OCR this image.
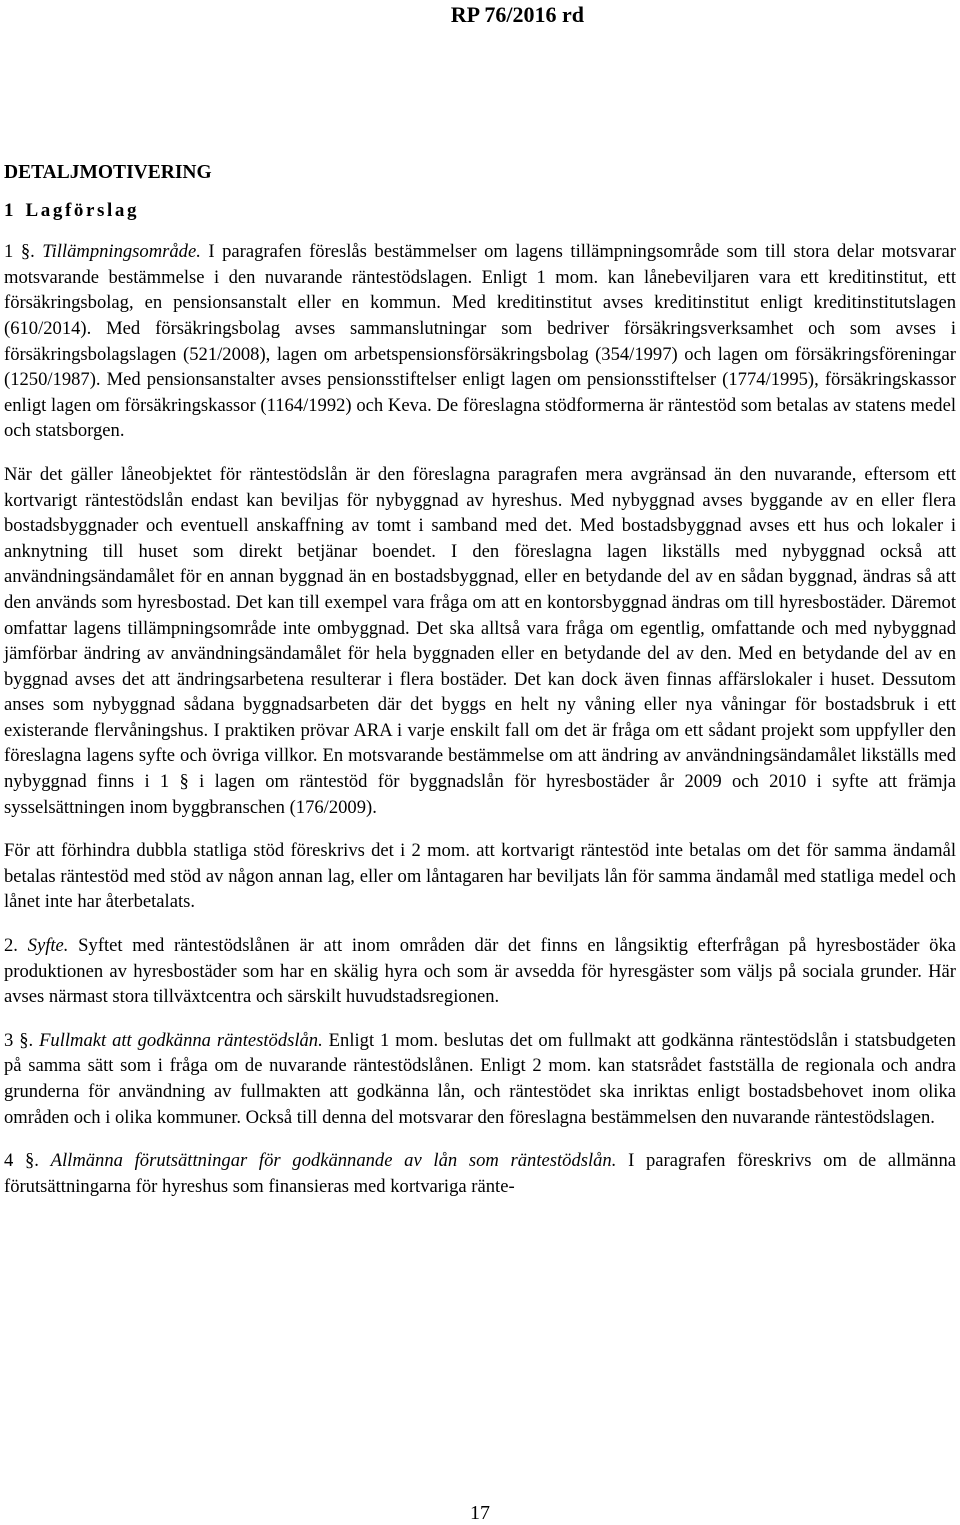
RP 76/2016 rd
DETALJMOTIVERING
1 Lagförslag

1 §. Tillämpningsområde. I paragrafen föreslås bestämmelser om lagens tillämpningsområde som till stora delar motsvarar motsvarande bestämmelse i den nuvarande räntestödslagen. Enligt 1 mom. kan lånebeviljaren vara ett kreditinstitut, ett försäkringsbolag, en pensionsanstalt eller en kommun. Med kreditinstitut avses kreditinstitut enligt kreditinstitutslagen (610/2014). Med försäkringsbolag avses sammanslutningar som bedriver försäkringsverksamhet och som avses i försäkringsbolagslagen (521/2008), lagen om arbetspensionsförsäkringsbolag (354/1997) och lagen om försäkringsföreningar (1250/1987). Med pensionsanstalter avses pensionsstiftelser enligt lagen om pensionsstiftelser (1774/1995), försäkringskassor enligt lagen om försäkringskassor (1164/1992) och Keva. De föreslagna stödformerna är räntestöd som betalas av statens medel och statsborgen.

När det gäller låneobjektet för räntestödslån är den föreslagna paragrafen mera avgränsad än den nuvarande, eftersom ett kortvarigt räntestödslån endast kan beviljas för nybyggnad av hyreshus. Med nybyggnad avses byggande av en eller flera bostadsbyggnader och eventuell anskaffning av tomt i samband med det. Med bostadsbyggnad avses ett hus och lokaler i anknytning till huset som direkt betjänar boendet. I den föreslagna lagen likställs med nybyggnad också att användningsändamålet för en annan byggnad än en bostadsbyggnad, eller en betydande del av en sådan byggnad, ändras så att den används som hyresbostad. Det kan till exempel vara fråga om att en kontorsbyggnad ändras om till hyresbostäder. Däremot omfattar lagens tillämpningsområde inte ombyggnad. Det ska alltså vara fråga om egentlig, omfattande och med nybyggnad jämförbar ändring av användningsändamålet för hela byggnaden eller en betydande del av den. Med en betydande del av en byggnad avses det att ändringsarbetena resulterar i flera bostäder. Det kan dock även finnas affärslokaler i huset. Dessutom anses som nybyggnad sådana byggnadsarbeten där det byggs en helt ny våning eller nya våningar för bostadsbruk i ett existerande flervåningshus. I praktiken prövar ARA i varje enskilt fall om det är fråga om ett sådant projekt som uppfyller den föreslagna lagens syfte och övriga villkor. En motsvarande bestämmelse om att ändring av användningsändamålet likställs med nybyggnad finns i 1 § i lagen om räntestöd för byggnadslån för hyresbostäder år 2009 och 2010 i syfte att främja sysselsättningen inom byggbranschen (176/2009).

För att förhindra dubbla statliga stöd föreskrivs det i 2 mom. att kortvarigt räntestöd inte betalas om det för samma ändamål betalas räntestöd med stöd av någon annan lag, eller om låntagaren har beviljats lån för samma ändamål med statliga medel och lånet inte har återbetalats.

2. Syfte. Syftet med räntestödslånen är att inom områden där det finns en långsiktig efterfrågan på hyresbostäder öka produktionen av hyresbostäder som har en skälig hyra och som är avsedda för hyresgäster som väljs på sociala grunder. Här avses närmast stora tillväxtcentra och särskilt huvudstadsregionen.

3 §. Fullmakt att godkänna räntestödslån. Enligt 1 mom. beslutas det om fullmakt att godkänna räntestödslån i statsbudgeten på samma sätt som i fråga om de nuvarande räntestödslånen. Enligt 2 mom. kan statsrådet fastställa de regionala och andra grunderna för användning av fullmakten att godkänna lån, och räntestödet ska inriktas enligt bostadsbehovet inom olika områden och i olika kommuner. Också till denna del motsvarar den föreslagna bestämmelsen den nuvarande räntestödslagen.

4 §. Allmänna förutsättningar för godkännande av lån som räntestödslån. I paragrafen föreskrivs om de allmänna förutsättningarna för hyreshus som finansieras med kortvariga ränte-

17
